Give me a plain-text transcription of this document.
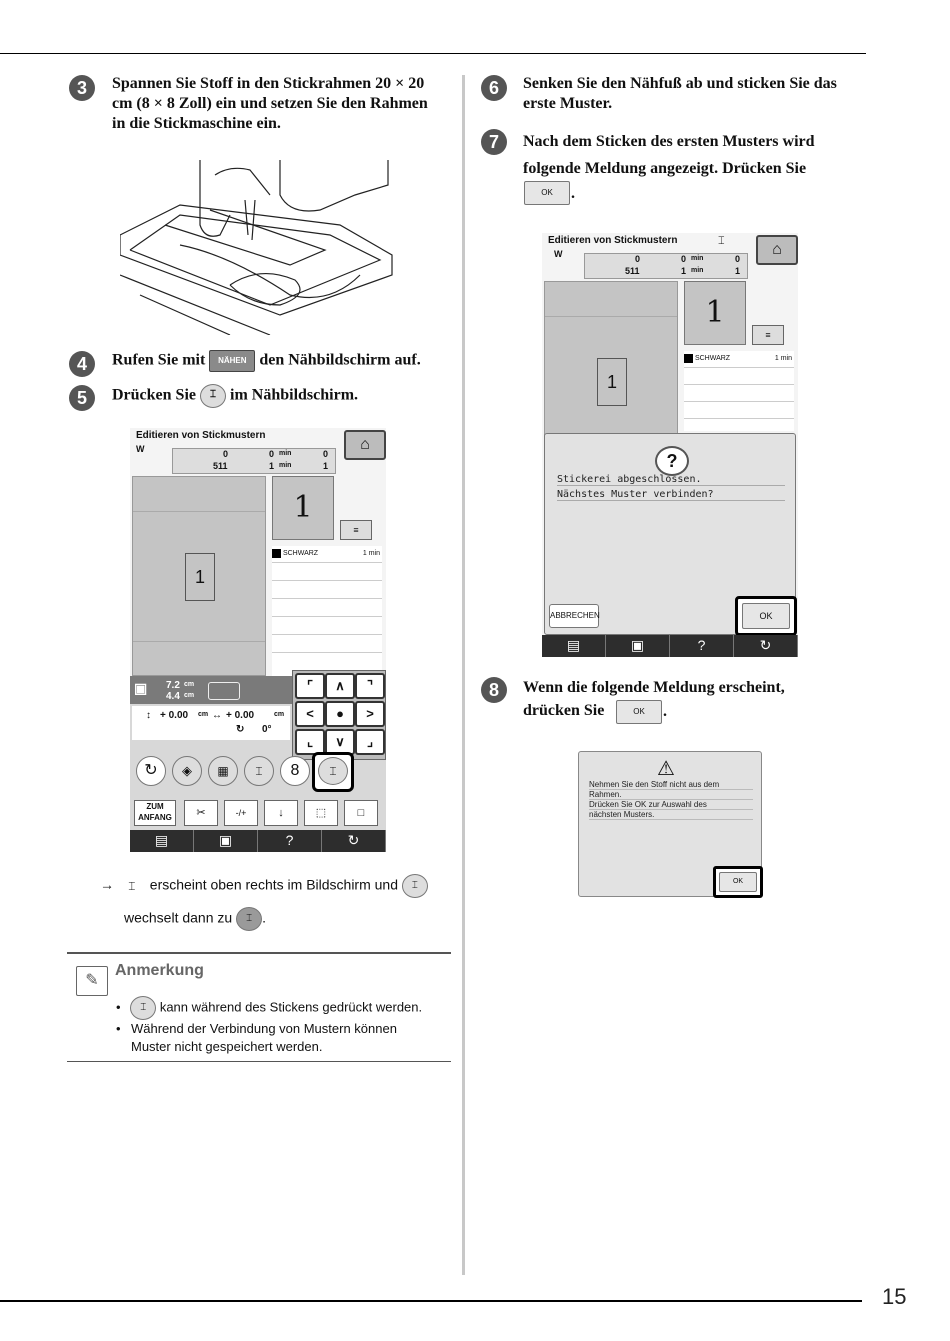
15
3	Spannen Sie Stoff in den Stickrahmen 20 × 20 cm (8 × 8 Zoll) ein und setzen Sie den Rahmen in die Stickmaschine ein.
4	Rufen Sie mit NÄHEN den Nähbildschirm auf.
5	Drücken Sie ⌶ im Nähbildschirm.
Editieren von Stickmustern
⌂
W	0
511
0 min
1 min
0
1
1
1
≡
SCHWARZ	1 min
▣ 7.2 cm
4.4 cm
↕ + 0.00 cm ↔ + 0.00	cm
↻ 0°
⌜	∧	⌝
<	●	>
⌞	∨	⌟
↻	◈	▦	⌶	8	⌶
ZUM ANFANG	✂	-/+	↓	⬚	□
▤	▣	?	↻
→ ⌶ erscheint oben rechts im Bildschirm und ⌶
wechselt dann zu ⌶ .
✎
Anmerkung
• ⌶ kann während des Stickens gedrückt werden.
• Während der Verbindung von Mustern können
Muster nicht gespeichert werden.
6	Senken Sie den Nähfuß ab und sticken Sie das erste Muster.
7	Nach dem Sticken des ersten Musters wird folgende Meldung angezeigt. Drücken Sie
OK	.
Editieren von Stickmustern	⌶	⌂
W	0
511
0 min
1 min
0
1
1
1
≡
SCHWARZ	1 min
?
Stickerei abgeschlossen.
Nächstes Muster verbinden?
ABBRECHEN	OK
▤	▣	?	↻
8	Wenn die folgende Meldung erscheint, drücken Sie	OK	.
⚠
Nehmen Sie den Stoff nicht aus dem
Rahmen.
Drücken Sie OK zur Auswahl des
nächsten Musters.
OK
